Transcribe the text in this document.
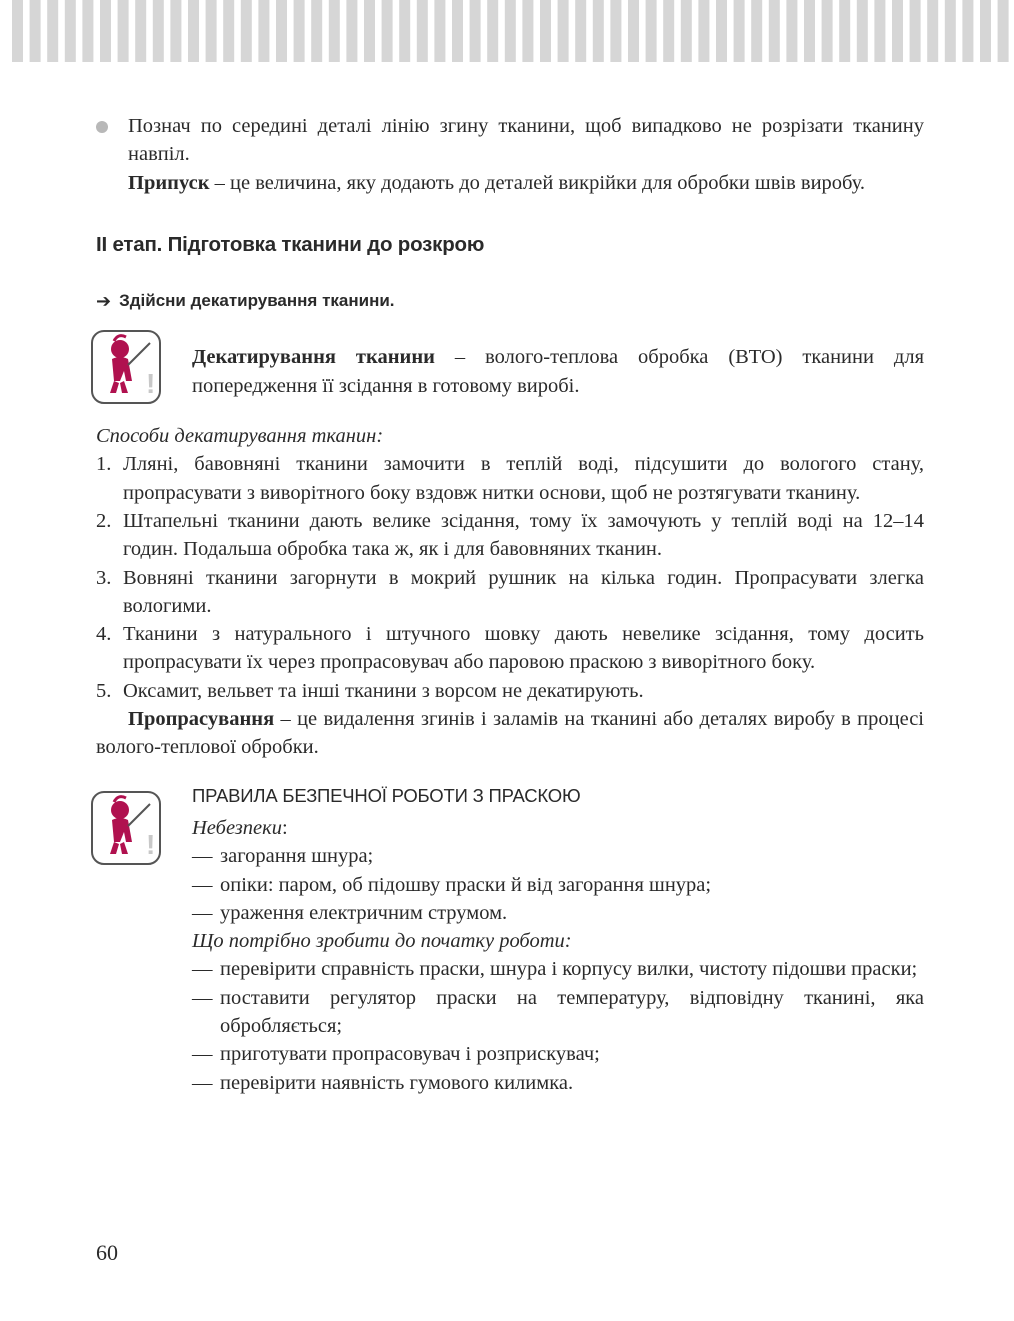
Познач по середині деталі лінію згину тканини, щоб випадково не розрізати тканину навпіл.

Припуск – це величина, яку додають до деталей викрійки для обробки швів виробу.

II етап. Підготовка тканини до розкрою
➔ Здійсни декатирування тканини.
!

Декатирування тканини – волого-теплова обробка (ВТО) тканини для попередження її зсідання в готовому виробі.

Способи декатирування тканин:

1. Лляні, бавовняні тканини замочити в теплій воді, підсушити до вологого стану, пропрасувати з виворітного боку вздовж нитки основи, щоб не розтягувати тканину.
2. Штапельні тканини дають велике зсідання, тому їх замочують у теплій воді на 12–14 годин. Подальша обробка така ж, як і для бавовняних тканин.
3. Вовняні тканини загорнути в мокрий рушник на кілька годин. Пропрасувати злегка вологими.
4. Тканини з натурального і штучного шовку дають невелике зсідання, тому досить пропрасувати їх через пропрасовувач або паровою праскою з виворітного боку.
5. Оксамит, вельвет та інші тканини з ворсом не декатирують.

Пропрасування – це видалення згинів і заламів на тканині або деталях виробу в процесі волого-теплової обробки.

!
ПРАВИЛА БЕЗПЕЧНОЇ РОБОТИ З ПРАСКОЮ

Небезпеки:

— загорання шнура;
— опіки: паром, об підошву праски й від загорання шнура;
— ураження електричним струмом.

Що потрібно зробити до початку роботи:

— перевірити справність праски, шнура і корпусу вилки, чистоту підошви праски;
— поставити регулятор праски на температуру, відповідну тканині, яка обробляється;
— приготувати пропрасовувач і розприскувач;
— перевірити наявність гумового килимка.
60
